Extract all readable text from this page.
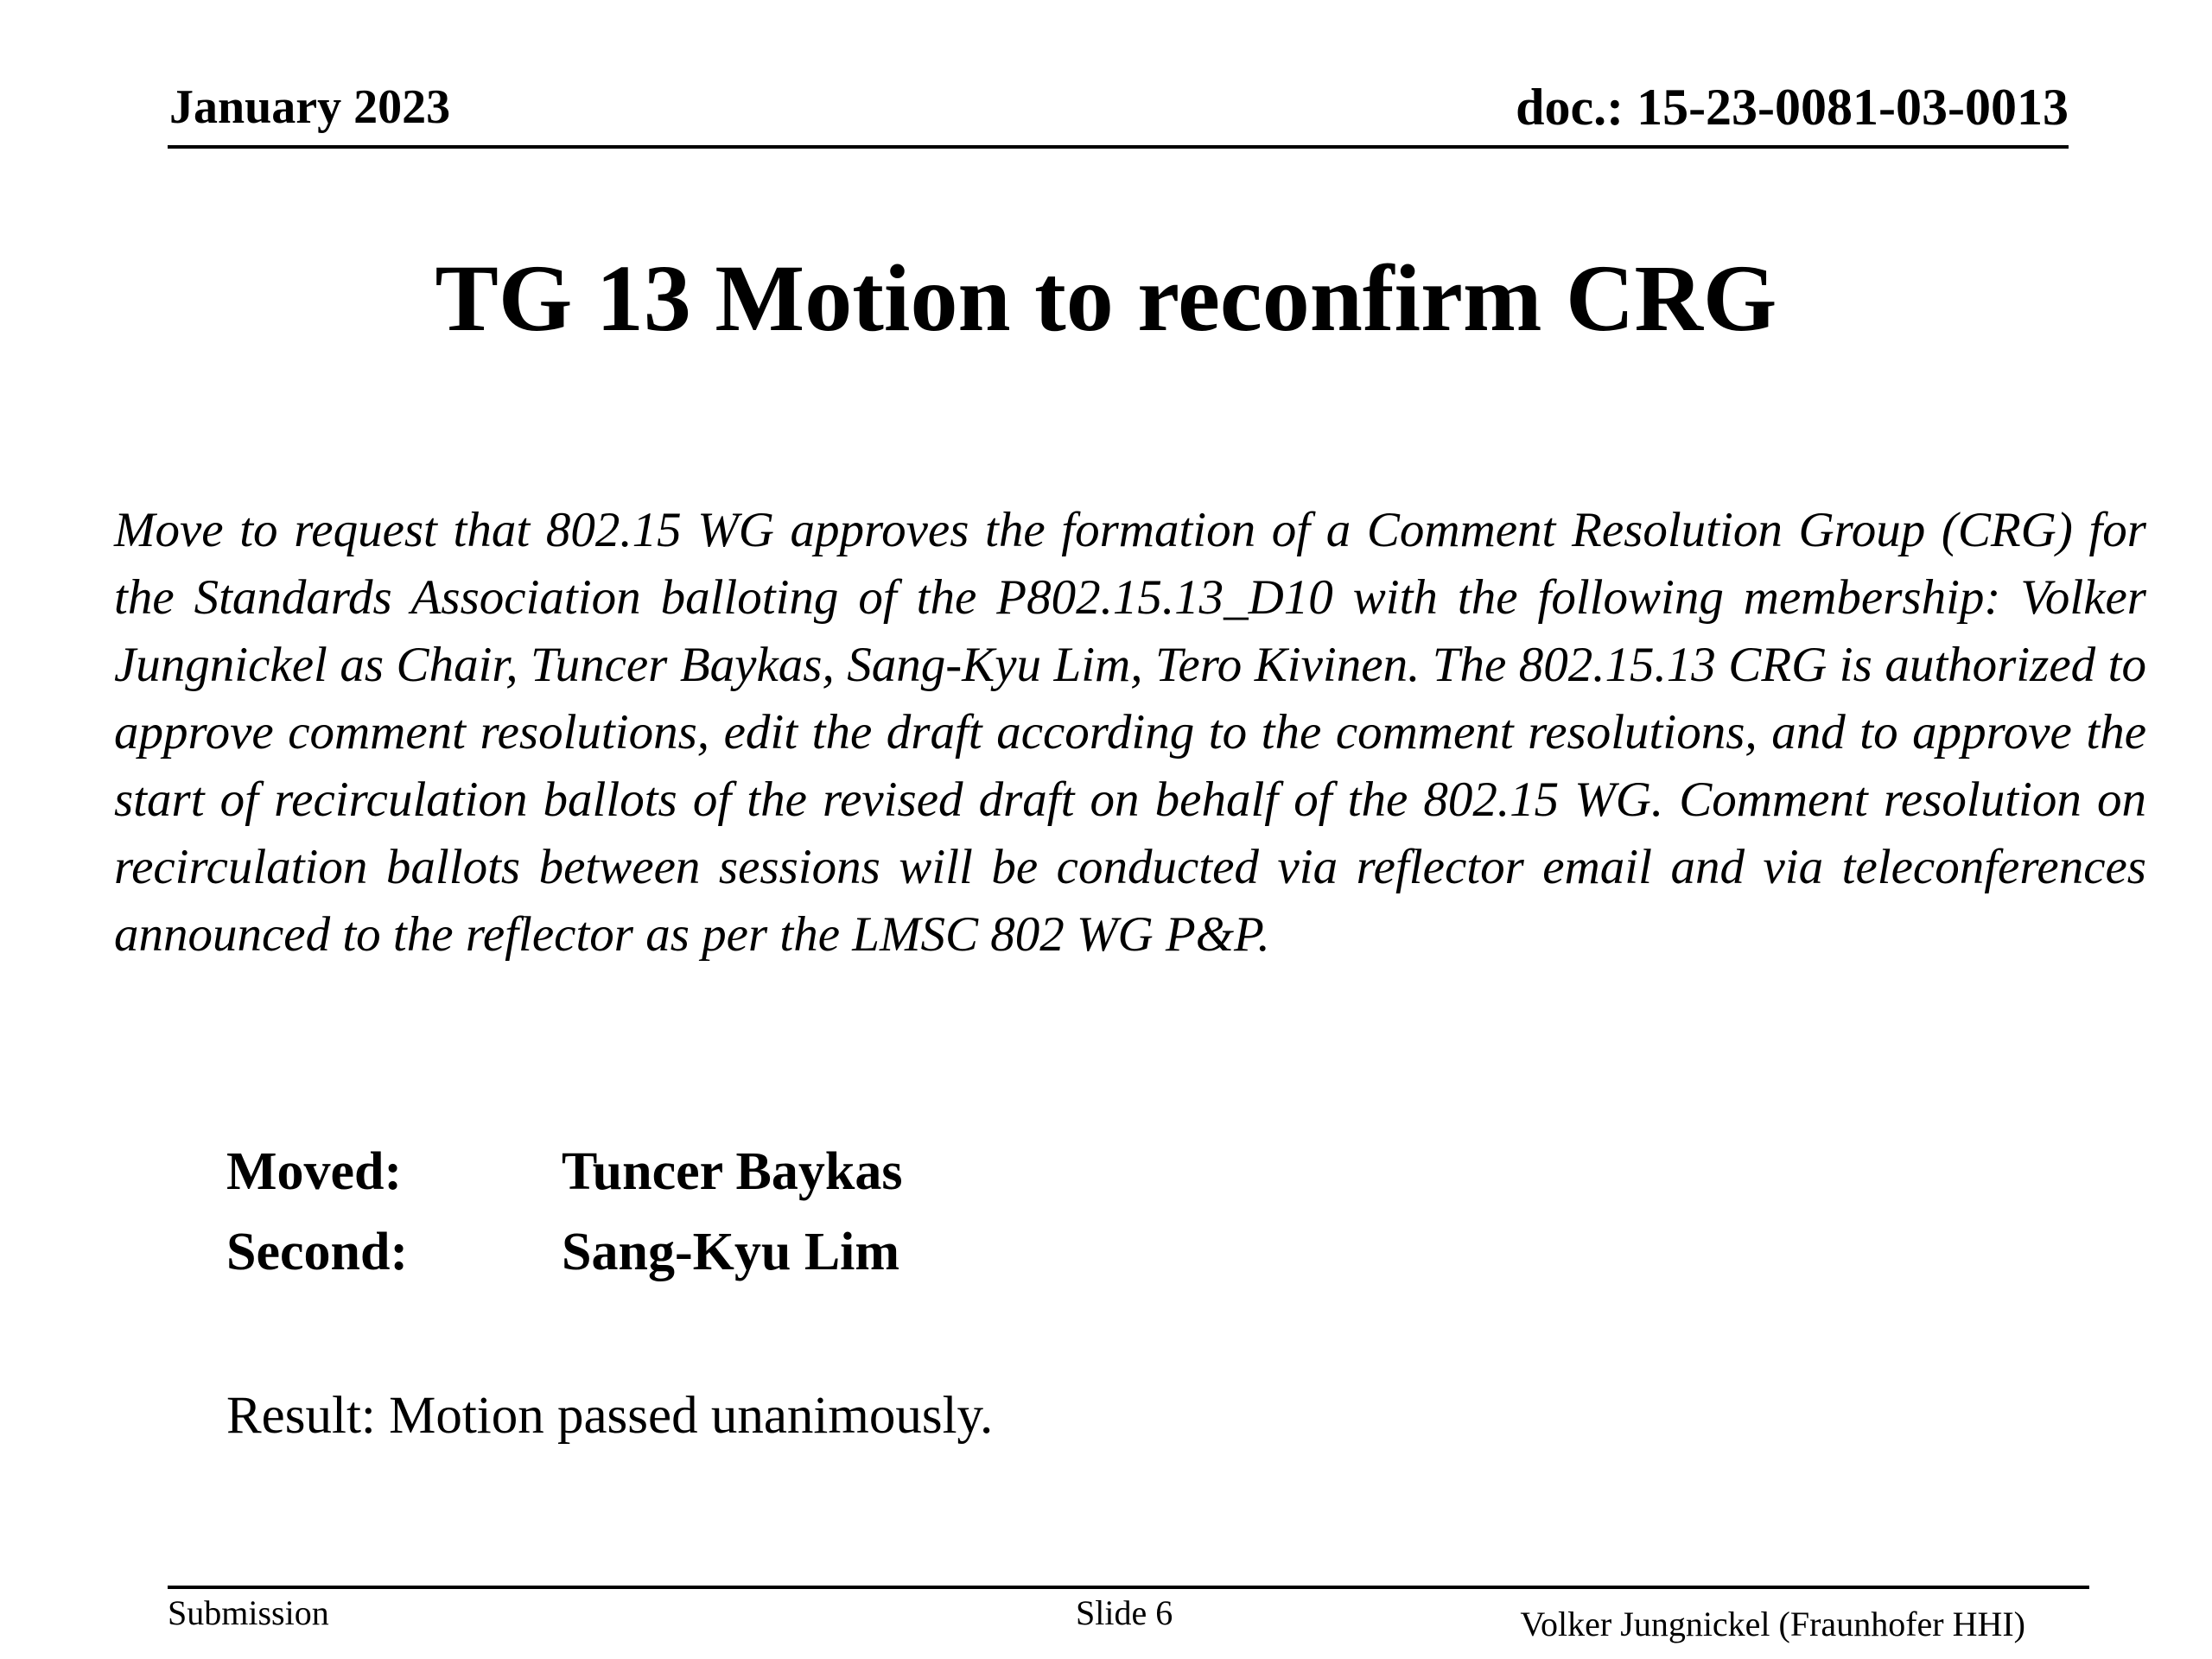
January 2023	doc.: 15-23-0081-03-0013
TG 13 Motion to reconfirm CRG

Move to request that 802.15 WG approves the formation of a Comment Resolution Group (CRG) for the Standards Association balloting of the P802.15.13_D10 with the following membership: Volker Jungnickel as Chair, Tuncer Baykas, Sang-Kyu Lim, Tero Kivinen. The 802.15.13 CRG is authorized to approve comment resolutions, edit the draft according to the comment resolutions, and to approve the start of recirculation ballots of the revised draft on behalf of the 802.15 WG. Comment resolution on recirculation ballots between sessions will be conducted via reflector email and via teleconferences announced to the reflector as per the LMSC 802 WG P&P.

Moved:	Tuncer Baykas
Second:	Sang-Kyu Lim
Result: Motion passed unanimously.
Submission	Slide 6	Volker Jungnickel (Fraunhofer HHI)
